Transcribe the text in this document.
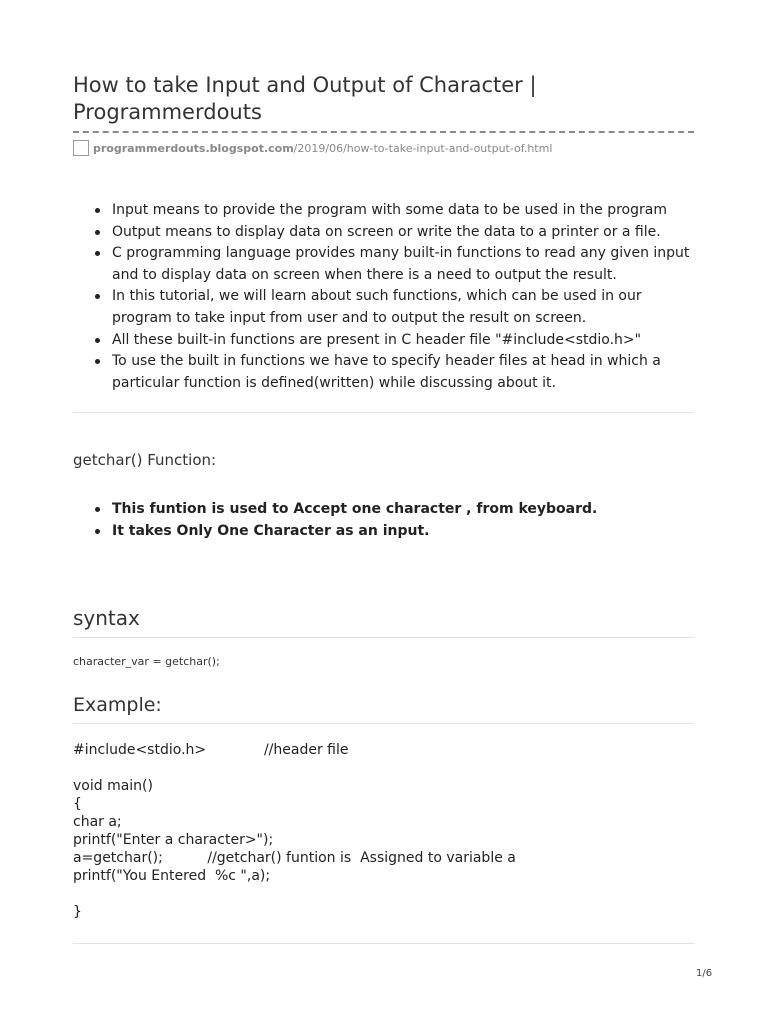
How to take Input and Output of Character | Programmerdouts
programmerdouts.blogspot.com /2019/06/how-to-take-input-and-output-of.html
Input means to provide the program with some data to be used in the program
Output means to display data on screen or write the data to a printer or a file.
C programming language provides many built-in functions to read any given input and to display data on screen when there is a need to output the result.
In this tutorial, we will learn about such functions, which can be used in our program to take input from user and to output the result on screen.
All these built-in functions are present in C header file "#include<stdio.h>"
To use the built in functions we have to specify header files at head in which a particular function is defined(written) while discussing about it.
getchar() Function:
This funtion is used to Accept one character , from keyboard.
It takes Only One Character as an input.
syntax
character_var = getchar();
Example:
#include<stdio.h>             //header file
void main()
{
char a;
printf("Enter a character>");
a=getchar();          //getchar() funtion is  Assigned to variable a
printf("You Entered  %c ",a);
}
1/6
